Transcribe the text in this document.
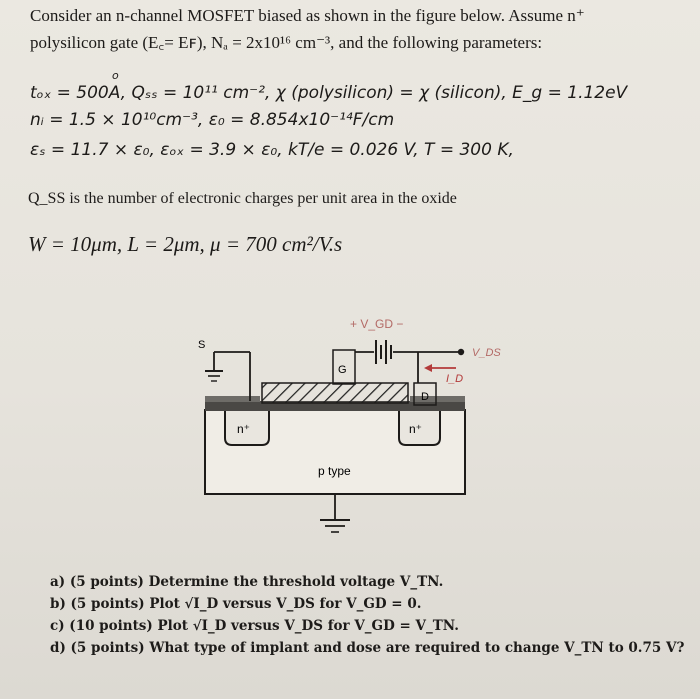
Consider an n-channel MOSFET biased as shown in the figure below. Assume n⁺
polysilicon gate (E꜀= Eꜰ), Nₐ = 2x10¹⁶ cm⁻³, and the following parameters:
o
tₒₓ = 500A, Qₛₛ = 10¹¹ cm⁻², χ (polysilicon) = χ (silicon), E_g = 1.12eV
nᵢ = 1.5 × 10¹⁰cm⁻³, ε₀ = 8.854x10⁻¹⁴F/cm
εₛ = 11.7 × ε₀, εₒₓ = 3.9 × ε₀, kT/e = 0.026 V, T = 300 K,
Q_SS is the number of electronic charges per unit area in the oxide
W = 10μm, L = 2μm, μ = 700 cm²/V.s
n⁺	n⁺
p type
S
G
+ V_GD −
D
V_DS
I_D
a) (5 points) Determine the threshold voltage V_TN.
b) (5 points) Plot √I_D versus V_DS for V_GD = 0.
c) (10 points) Plot √I_D versus V_DS for V_GD = V_TN.
d) (5 points) What type of implant and dose are required to change V_TN to 0.75 V?
